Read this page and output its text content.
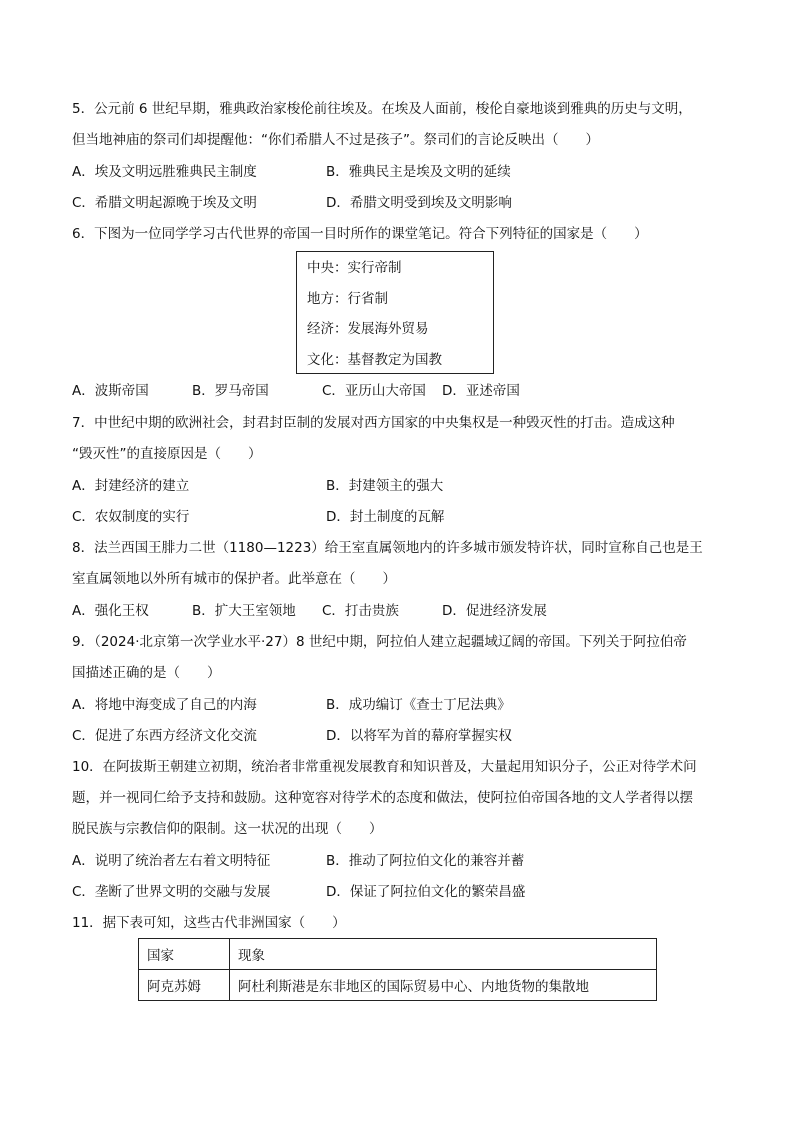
5．公元前 6 世纪早期，雅典政治家梭伦前往埃及。在埃及人面前，梭伦自豪地谈到雅典的历史与文明，
但当地神庙的祭司们却提醒他：“你们希腊人不过是孩子”。祭司们的言论反映出（　　）
A．埃及文明远胜雅典民主制度	B．雅典民主是埃及文明的延续
C．希腊文明起源晚于埃及文明	D．希腊文明受到埃及文明影响
6．下图为一位同学学习古代世界的帝国一目时所作的课堂笔记。符合下列特征的国家是（　　）
中央：实行帝制
地方：行省制
经济：发展海外贸易
文化：基督教定为国教
A．波斯帝国	B．罗马帝国	C．亚历山大帝国 D．亚述帝国
7．中世纪中期的欧洲社会，封君封臣制的发展对西方国家的中央集权是一种毁灭性的打击。造成这种
“毁灭性”的直接原因是（　　）
A．封建经济的建立	B．封建领主的强大
C．农奴制度的实行	D．封土制度的瓦解
8．法兰西国王腓力二世（1180—1223）给王室直属领地内的许多城市颁发特许状，同时宣称自己也是王
室直属领地以外所有城市的保护者。此举意在（　　）
A．强化王权	B．扩大王室领地 C．打击贵族	D．促进经济发展
9．（2024·北京第一次学业水平·27）8 世纪中期，阿拉伯人建立起疆域辽阔的帝国。下列关于阿拉伯帝
国描述正确的是（　　）
A．将地中海变成了自己的内海	B．成功编订《查士丁尼法典》
C．促进了东西方经济文化交流	D．以将军为首的幕府掌握实权
10．在阿拔斯王朝建立初期，统治者非常重视发展教育和知识普及，大量起用知识分子，公正对待学术问
题，并一视同仁给予支持和鼓励。这种宽容对待学术的态度和做法，使阿拉伯帝国各地的文人学者得以摆
脱民族与宗教信仰的限制。这一状况的出现（　　）
A．说明了统治者左右着文明特征	B．推动了阿拉伯文化的兼容并蓄
C．垄断了世界文明的交融与发展	D．保证了阿拉伯文化的繁荣昌盛
11．据下表可知，这些古代非洲国家（　　）
国家	现象
阿克苏姆	阿杜利斯港是东非地区的国际贸易中心、内地货物的集散地
